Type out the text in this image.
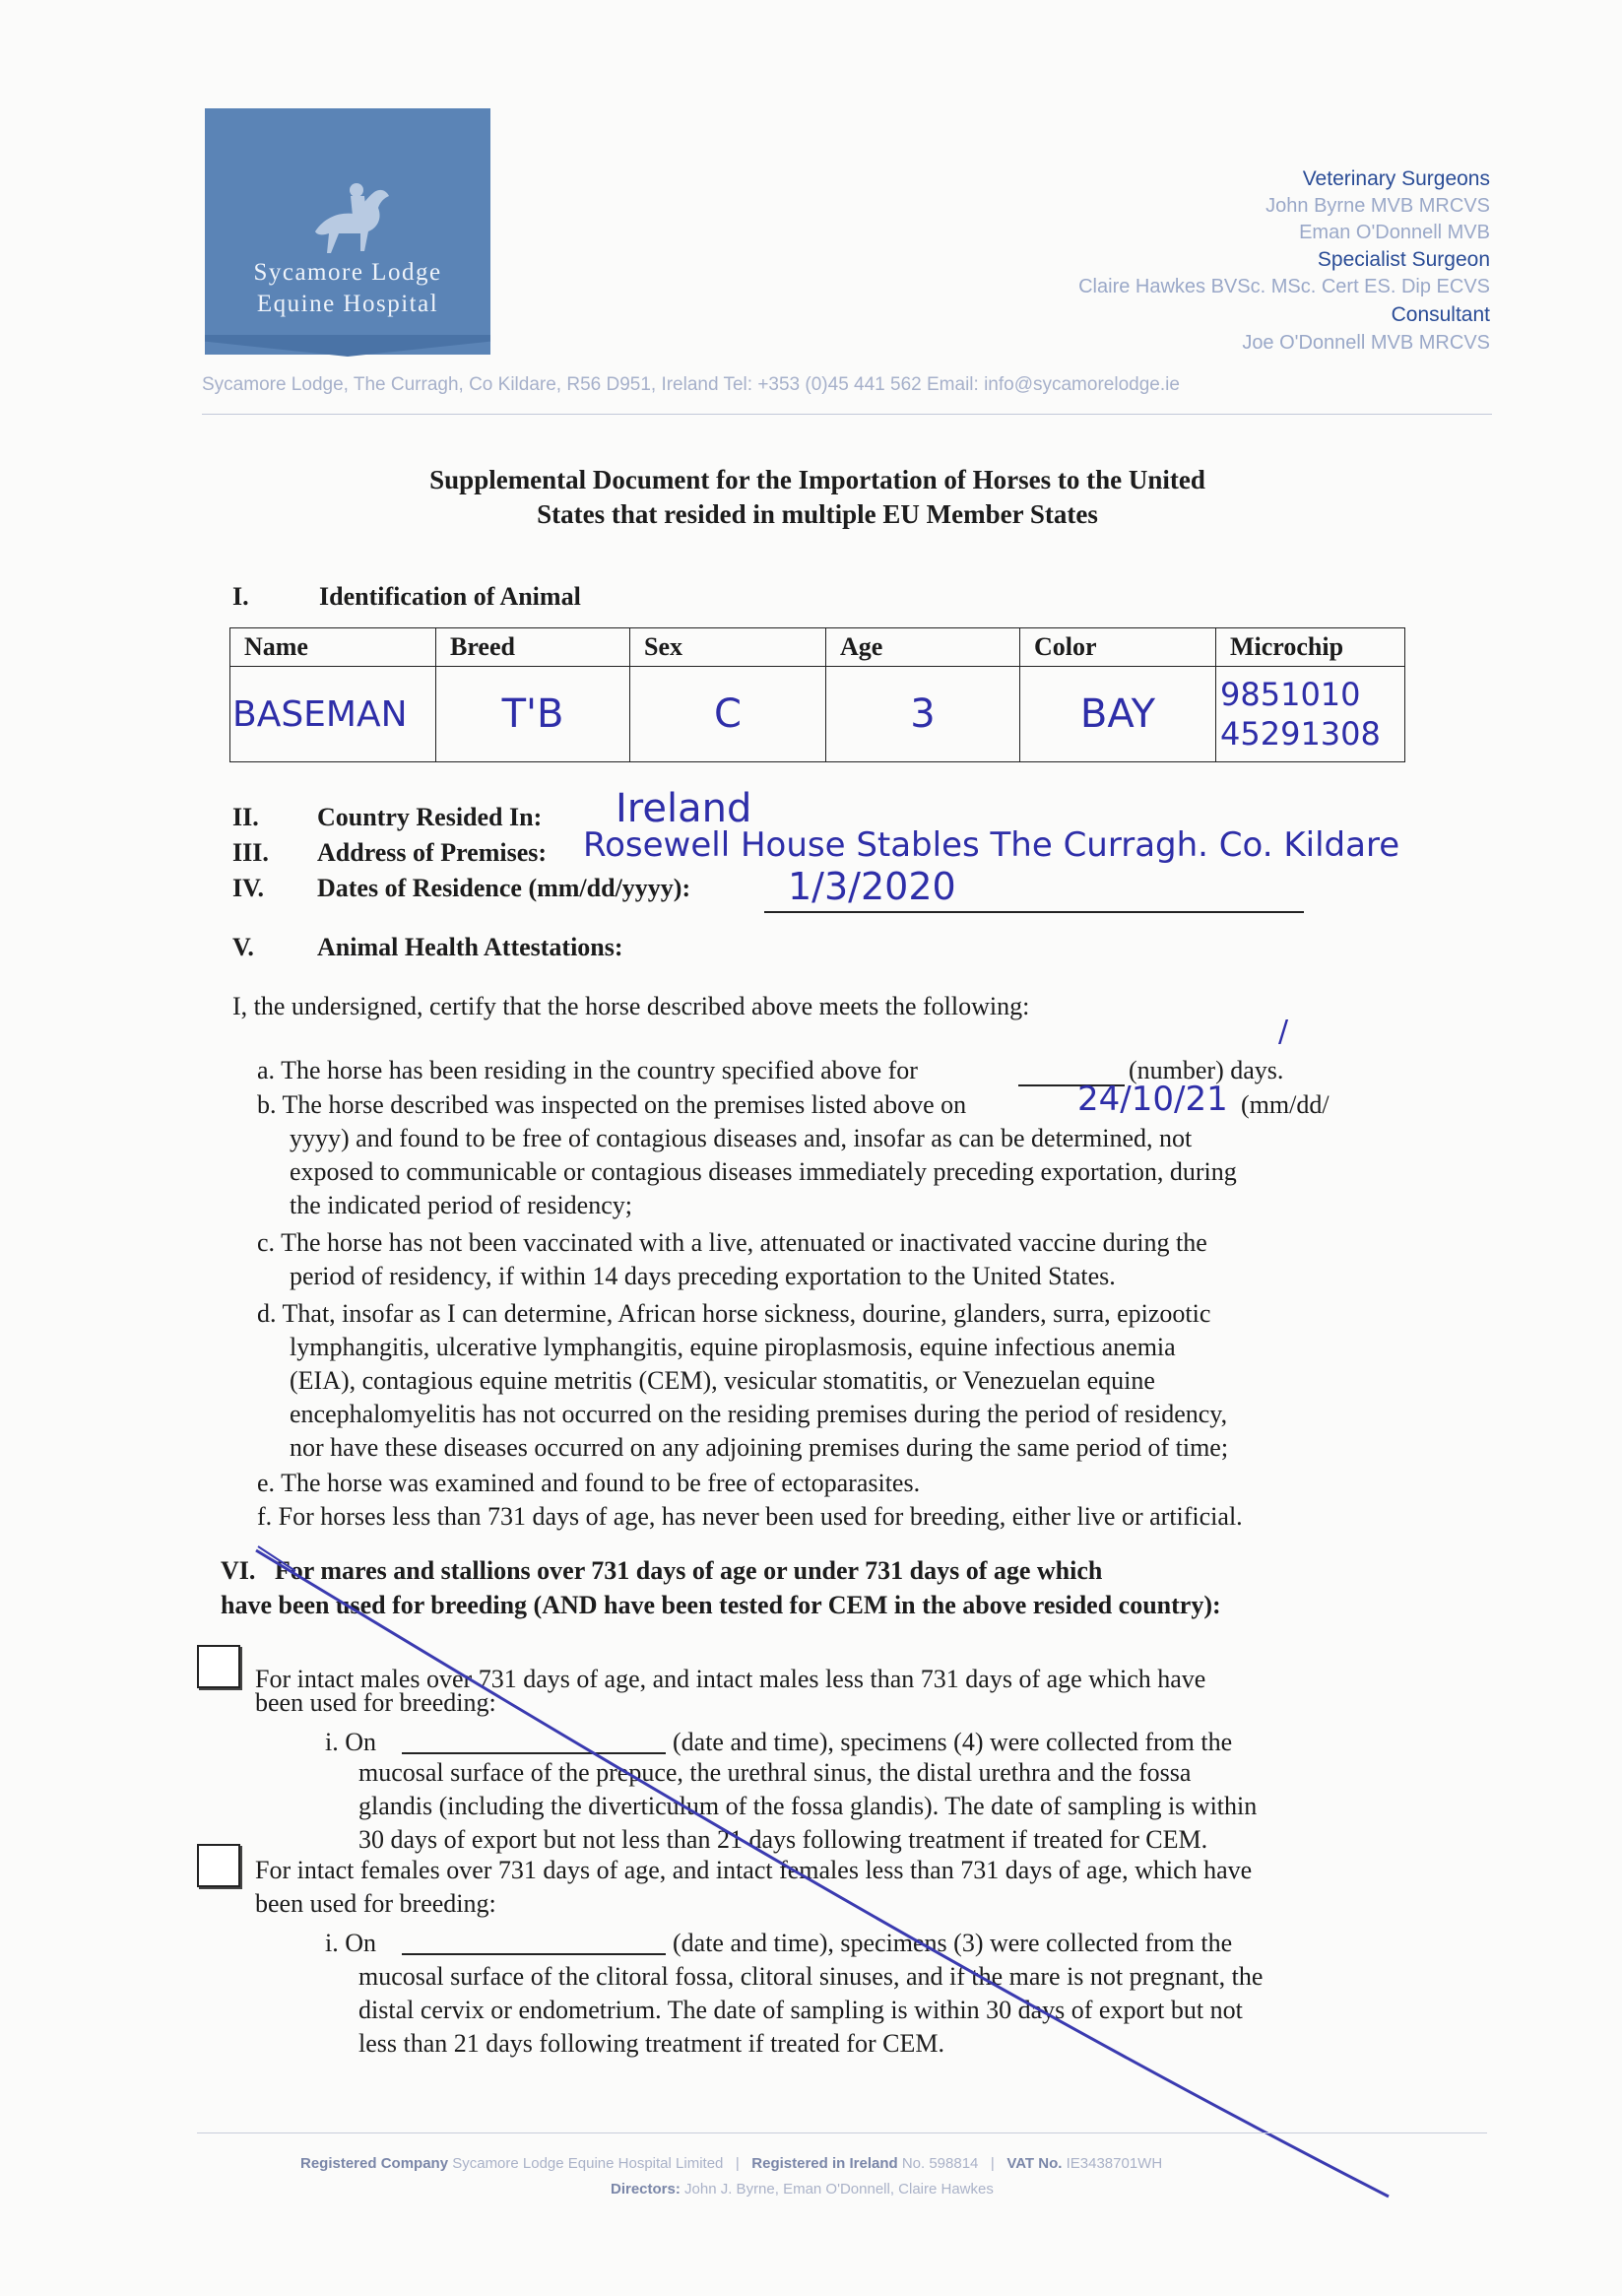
Sycamore Lodge
Equine Hospital
Veterinary Surgeons
John Byrne MVB MRCVS
Eman O'Donnell MVB
Specialist Surgeon
Claire Hawkes BVSc. MSc. Cert ES. Dip ECVS
Consultant
Joe O'Donnell MVB MRCVS
Sycamore Lodge, The Curragh, Co Kildare, R56 D951, Ireland Tel: +353 (0)45 441 562 Email: info@sycamorelodge.ie
Supplemental Document for the Importation of Horses to the United
States that resided in multiple EU Member States
I.	Identification of Animal
Name	Breed	Sex	Age	Color	Microchip
BASEMAN	T'B	C	3	BAY	9851010
45291308
II. Country Resided In: Ireland
III. Address of Premises: Rosewell House Stables The Curragh. Co. Kildare
IV. Dates of Residence (mm/dd/yyyy):	1/3/2020
V. Animal Health Attestations:
I, the undersigned, certify that the horse described above meets the following:
a. The horse has been residing in the country specified above for	(number) days.
/
b. The horse described was inspected on the premises listed above on	24/10/21 (mm/dd/
yyyy) and found to be free of contagious diseases and, insofar as can be determined, not
exposed to communicable or contagious diseases immediately preceding exportation, during
the indicated period of residency;
c. The horse has not been vaccinated with a live, attenuated or inactivated vaccine during the
period of residency, if within 14 days preceding exportation to the United States.
d. That, insofar as I can determine, African horse sickness, dourine, glanders, surra, epizootic
lymphangitis, ulcerative lymphangitis, equine piroplasmosis, equine infectious anemia
(EIA), contagious equine metritis (CEM), vesicular stomatitis, or Venezuelan equine
encephalomyelitis has not occurred on the residing premises during the period of residency,
nor have these diseases occurred on any adjoining premises during the same period of time;
e. The horse was examined and found to be free of ectoparasites.
f. For horses less than 731 days of age, has never been used for breeding, either live or artificial.
VI.   For mares and stallions over 731 days of age or under 731 days of age which
have been used for breeding (AND have been tested for CEM in the above resided country):
For intact males over 731 days of age, and intact males less than 731 days of age which have
been used for breeding:
i. On	(date and time), specimens (4) were collected from the
mucosal surface of the prepuce, the urethral sinus, the distal urethra and the fossa
glandis (including the diverticulum of the fossa glandis). The date of sampling is within
30 days of export but not less than 21 days following treatment if treated for CEM.
For intact females over 731 days of age, and intact females less than 731 days of age, which have
been used for breeding:
i. On	(date and time), specimens (3) were collected from the
mucosal surface of the clitoral fossa, clitoral sinuses, and if the mare is not pregnant, the
distal cervix or endometrium. The date of sampling is within 30 days of export but not
less than 21 days following treatment if treated for CEM.
Registered Company Sycamore Lodge Equine Hospital Limited   |   Registered in Ireland No. 598814   |   VAT No. IE3438701WH
Directors: John J. Byrne, Eman O'Donnell, Claire Hawkes
